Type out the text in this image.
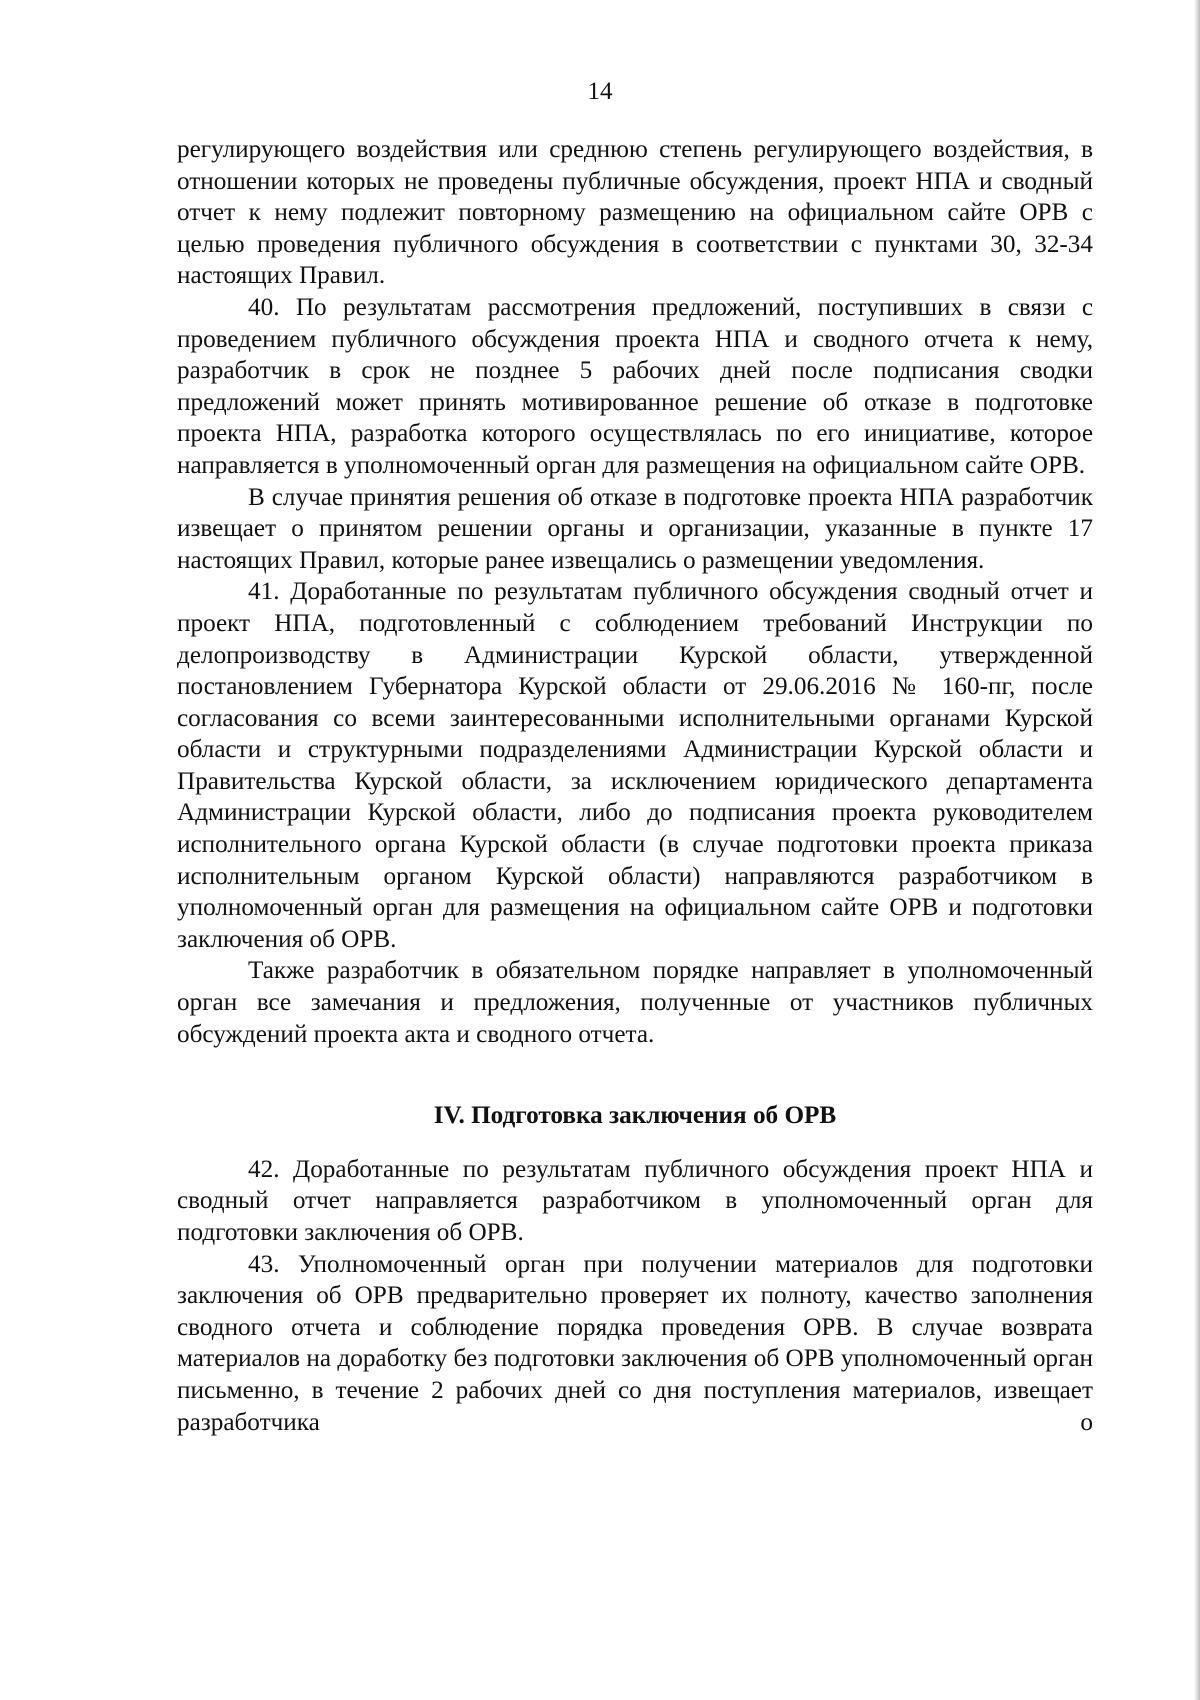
14

регулирующего воздействия или среднюю степень регулирующего воздействия, в отношении которых не проведены публичные обсуждения, проект НПА и сводный отчет к нему подлежит повторному размещению на официальном сайте ОРВ с целью проведения публичного обсуждения в соответствии с пунктами 30, 32-34 настоящих Правил.

40. По результатам рассмотрения предложений, поступивших в связи с проведением публичного обсуждения проекта НПА и сводного отчета к нему, разработчик в срок не позднее 5 рабочих дней после подписания сводки предложений может принять мотивированное решение об отказе в подготовке проекта НПА, разработка которого осуществлялась по его инициативе, которое направляется в уполномоченный орган для размещения на официальном сайте ОРВ.

В случае принятия решения об отказе в подготовке проекта НПА разработчик извещает о принятом решении органы и организации, указанные в пункте 17 настоящих Правил, которые ранее извещались о размещении уведомления.

41. Доработанные по результатам публичного обсуждения сводный отчет и проект НПА, подготовленный с соблюдением требований Инструкции по делопроизводству в Администрации Курской области, утвержденной постановлением Губернатора Курской области от 29.06.2016 № 160-пг, после согласования со всеми заинтересованными исполнительными органами Курской области и структурными подразделениями Администрации Курской области и Правительства Курской области, за исключением юридического департамента Администрации Курской области, либо до подписания проекта руководителем исполнительного органа Курской области (в случае подготовки проекта приказа исполнительным органом Курской области) направляются разработчиком в уполномоченный орган для размещения на официальном сайте ОРВ и подготовки заключения об ОРВ.

Также разработчик в обязательном порядке направляет в уполномоченный орган все замечания и предложения, полученные от участников публичных обсуждений проекта акта и сводного отчета.

IV. Подготовка заключения об ОРВ

42. Доработанные по результатам публичного обсуждения проект НПА и сводный отчет направляется разработчиком в уполномоченный орган для подготовки заключения об ОРВ.

43. Уполномоченный орган при получении материалов для подготовки заключения об ОРВ предварительно проверяет их полноту, качество заполнения сводного отчета и соблюдение порядка проведения ОРВ. В случае возврата материалов на доработку без подготовки заключения об ОРВ уполномоченный орган письменно, в течение 2 рабочих дней со дня поступления материалов, извещает разработчика о
